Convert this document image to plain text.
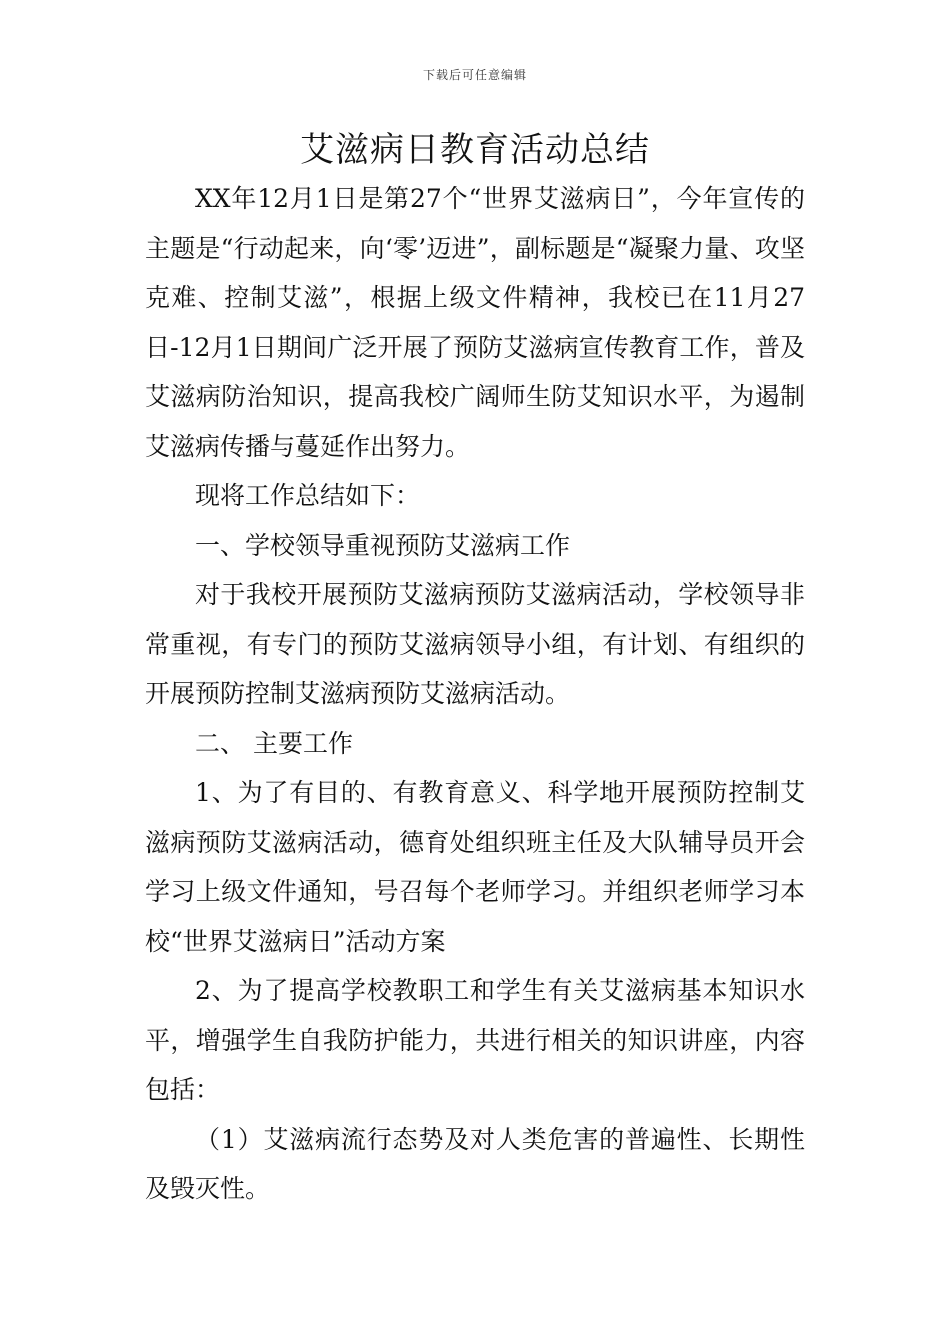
下载后可任意编辑
艾滋病日教育活动总结

XX年12月1日是第27个“世界艾滋病日”，今年宣传的主题是“行动起来，向‘零’迈进”，副标题是“凝聚力量、攻坚克难、控制艾滋”，根据上级文件精神，我校已在11月27日-12月1日期间广泛开展了预防艾滋病宣传教育工作，普及艾滋病防治知识，提高我校广阔师生防艾知识水平，为遏制艾滋病传播与蔓延作出努力。

现将工作总结如下：

一、学校领导重视预防艾滋病工作

对于我校开展预防艾滋病预防艾滋病活动，学校领导非常重视，有专门的预防艾滋病领导小组，有计划、有组织的开展预防控制艾滋病预防艾滋病活动。

二、 主要工作

1、为了有目的、有教育意义、科学地开展预防控制艾滋病预防艾滋病活动，德育处组织班主任及大队辅导员开会学习上级文件通知，号召每个老师学习。并组织老师学习本校“世界艾滋病日”活动方案

2、为了提高学校教职工和学生有关艾滋病基本知识水平，增强学生自我防护能力，共进行相关的知识讲座，内容包括：

（1）艾滋病流行态势及对人类危害的普遍性、长期性及毁灭性。
